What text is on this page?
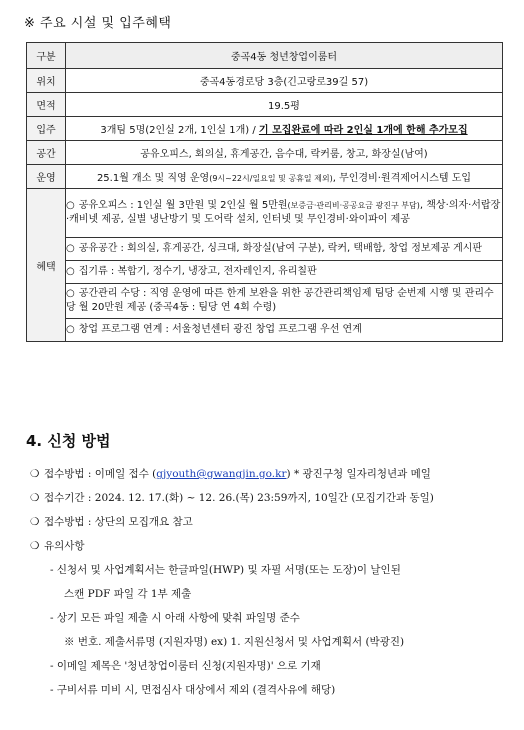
※ 주요 시설 및 입주혜택
구분	중곡4동 청년창업이룸터
위치	중곡4동경로당 3층(긴고랑로39길 57)
면적	19.5평
입주	3개팀 5명(2인실 2개, 1인실 1개) / 기 모집완료에 따라 2인실 1개에 한해 추가모집
공간	공유오피스, 회의실, 휴게공간, 음수대, 락커룸, 창고, 화장실(남여)
운영	25.1월 개소 및 직영 운영(9시~22시/일요일 및 공휴일 제외), 무인경비·원격제어시스템 도입
혜택	○ 공유오피스 : 1인실 월 3만원 및 2인실 월 5만원(보증금·관리비·공공요금 광진구 부담), 책상·의자·서랍장·캐비넷 제공, 실별 냉난방기 및 도어락 설치, 인터넷 및 무인경비·와이파이 제공
	○ 공유공간 : 회의실, 휴게공간, 싱크대, 화장실(남여 구분), 락커, 택배함, 창업 정보제공 게시판
	○ 집기류 : 복합기, 정수기, 냉장고, 전자레인지, 유리칠판
	○ 공간관리 수당 : 직영 운영에 따른 한계 보완을 위한 공간관리책임제 팀당 순번제 시행 및 관리수당 월 20만원 제공 (중곡4동 : 팀당 연 4회 수령)
	○ 창업 프로그램 연계 : 서울청년센터 광진 창업 프로그램 우선 연계
4. 신청 방법
❍ 접수방법 : 이메일 접수 (gjyouth@gwangjin.go.kr) * 광진구청 일자리청년과 메일
❍ 접수기간 : 2024. 12. 17.(화) ~ 12. 26.(목) 23:59까지, 10일간 (모집기간과 동일)
❍ 접수방법 : 상단의 모집개요 참고
❍ 유의사항
- 신청서 및 사업계획서는 한글파일(HWP) 및 자필 서명(또는 도장)이 날인된
스캔 PDF 파일 각 1부 제출
- 상기 모든 파일 제출 시 아래 사항에 맞춰 파일명 준수
※ 번호. 제출서류명 (지원자명) ex) 1. 지원신청서 및 사업계획서 (박광진)
- 이메일 제목은 '청년창업이룸터 신청(지원자명)' 으로 기재
- 구비서류 미비 시, 면접심사 대상에서 제외 (결격사유에 해당)
